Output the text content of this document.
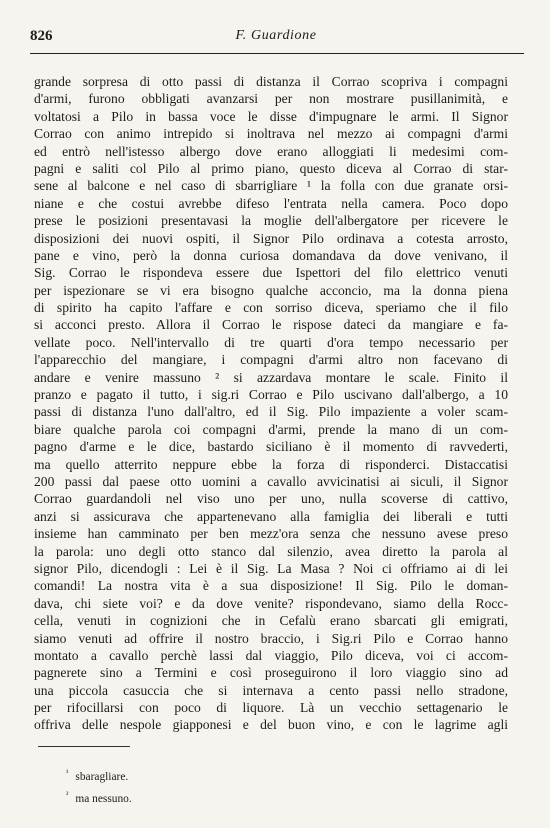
826	F. Guardione
grande sorpresa di otto passi di distanza il Corrao scopriva i compagni
d'armi, furono obbligati avanzarsi per non mostrare pusillanimità, e
voltatosi a Pilo in bassa voce le disse d'impugnare le armi. Il Signor
Corrao con animo intrepido si inoltrava nel mezzo ai compagni d'armi
ed entrò nell'istesso albergo dove erano alloggiati li medesimi com-
pagni e saliti col Pilo al primo piano, questo diceva al Corrao di star-
sene al balcone e nel caso di sbarrigliare ¹ la folla con due granate orsi-
niane e che costui avrebbe difeso l'entrata nella camera. Poco dopo
prese le posizioni presentavasi la moglie dell'albergatore per ricevere le
disposizioni dei nuovi ospiti, il Signor Pilo ordinava a cotesta arrosto,
pane e vino, però la donna curiosa domandava da dove venivano, il
Sig. Corrao le rispondeva essere due Ispettori del filo elettrico venuti
per ispezionare se vi era bisogno qualche acconcio, ma la donna piena
di spirito ha capito l'affare e con sorriso diceva, speriamo che il filo
si acconci presto. Allora il Corrao le rispose dateci da mangiare e fa-
vellate poco. Nell'intervallo di tre quarti d'ora tempo necessario per
l'apparecchio del mangiare, i compagni d'armi altro non facevano di
andare e venire massuno ² si azzardava montare le scale. Finito il
pranzo e pagato il tutto, i sig.ri Corrao e Pilo uscivano dall'albergo, a 10
passi di distanza l'uno dall'altro, ed il Sig. Pilo impaziente a voler scam-
biare qualche parola coi compagni d'armi, prende la mano di un com-
pagno d'arme e le dice, bastardo siciliano è il momento di ravvederti,
ma quello atterrito neppure ebbe la forza di risponderci. Distaccatisi
200 passi dal paese otto uomini a cavallo avvicinatisi ai siculi, il Signor
Corrao guardandoli nel viso uno per uno, nulla scoverse di cattivo,
anzi si assicurava che appartenevano alla famiglia dei liberali e tutti
insieme han camminato per ben mezz'ora senza che nessuno avese preso
la parola: uno degli otto stanco dal silenzio, avea diretto la parola al
signor Pilo, dicendogli : Lei è il Sig. La Masa ? Noi ci offriamo ai di lei
comandi! La nostra vita è a sua disposizione! Il Sig. Pilo le doman-
dava, chi siete voi? e da dove venite? rispondevano, siamo della Rocc-
cella, venuti in cognizioni che in Cefalù erano sbarcati gli emigrati,
siamo venuti ad offrire il nostro braccio, i Sig.ri Pilo e Corrao hanno
montato a cavallo perchè lassi dal viaggio, Pilo diceva, voi ci accom-
pagnerete sino a Termini e così proseguirono il loro viaggio sino ad
una piccola casuccia che si internava a cento passi nello stradone,
per rifocillarsi con poco di liquore. Là un vecchio settagenario le
offriva delle nespole giapponesi e del buon vino, e con le lagrime agli
$^{^1}$ sbaragliare.
$^{^2}$ ma nessuno.
